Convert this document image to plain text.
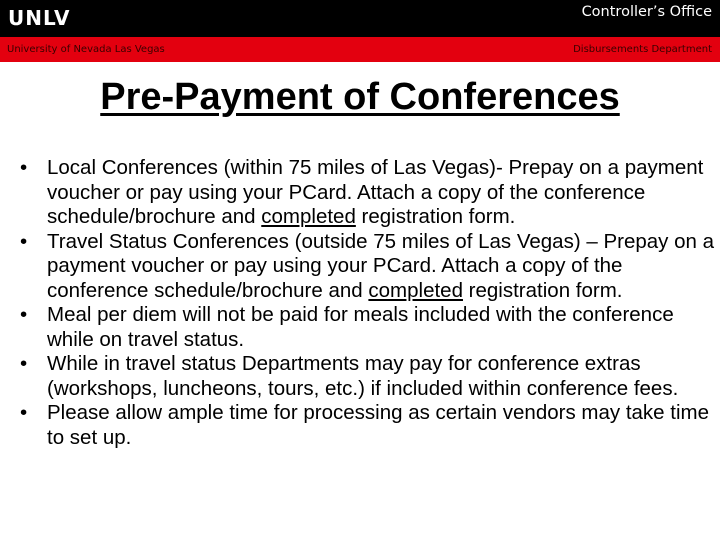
UNLV	Controller’s Office
University of Nevada Las Vegas	Disbursements Department
Pre-Payment of Conferences
• Local Conferences (within 75 miles of Las Vegas)- Prepay on a payment voucher or pay using your PCard. Attach a copy of the conference schedule/brochure and completed registration form.
• Travel Status Conferences (outside 75 miles of Las Vegas) – Prepay on a payment voucher or pay using your PCard. Attach a copy of the conference schedule/brochure and completed registration form.
• Meal per diem will not be paid for meals included with the conference while on travel status.
• While in travel status Departments may pay for conference extras (workshops, luncheons, tours, etc.) if included within conference fees.
• Please allow ample time for processing as certain vendors may take time to set up.
